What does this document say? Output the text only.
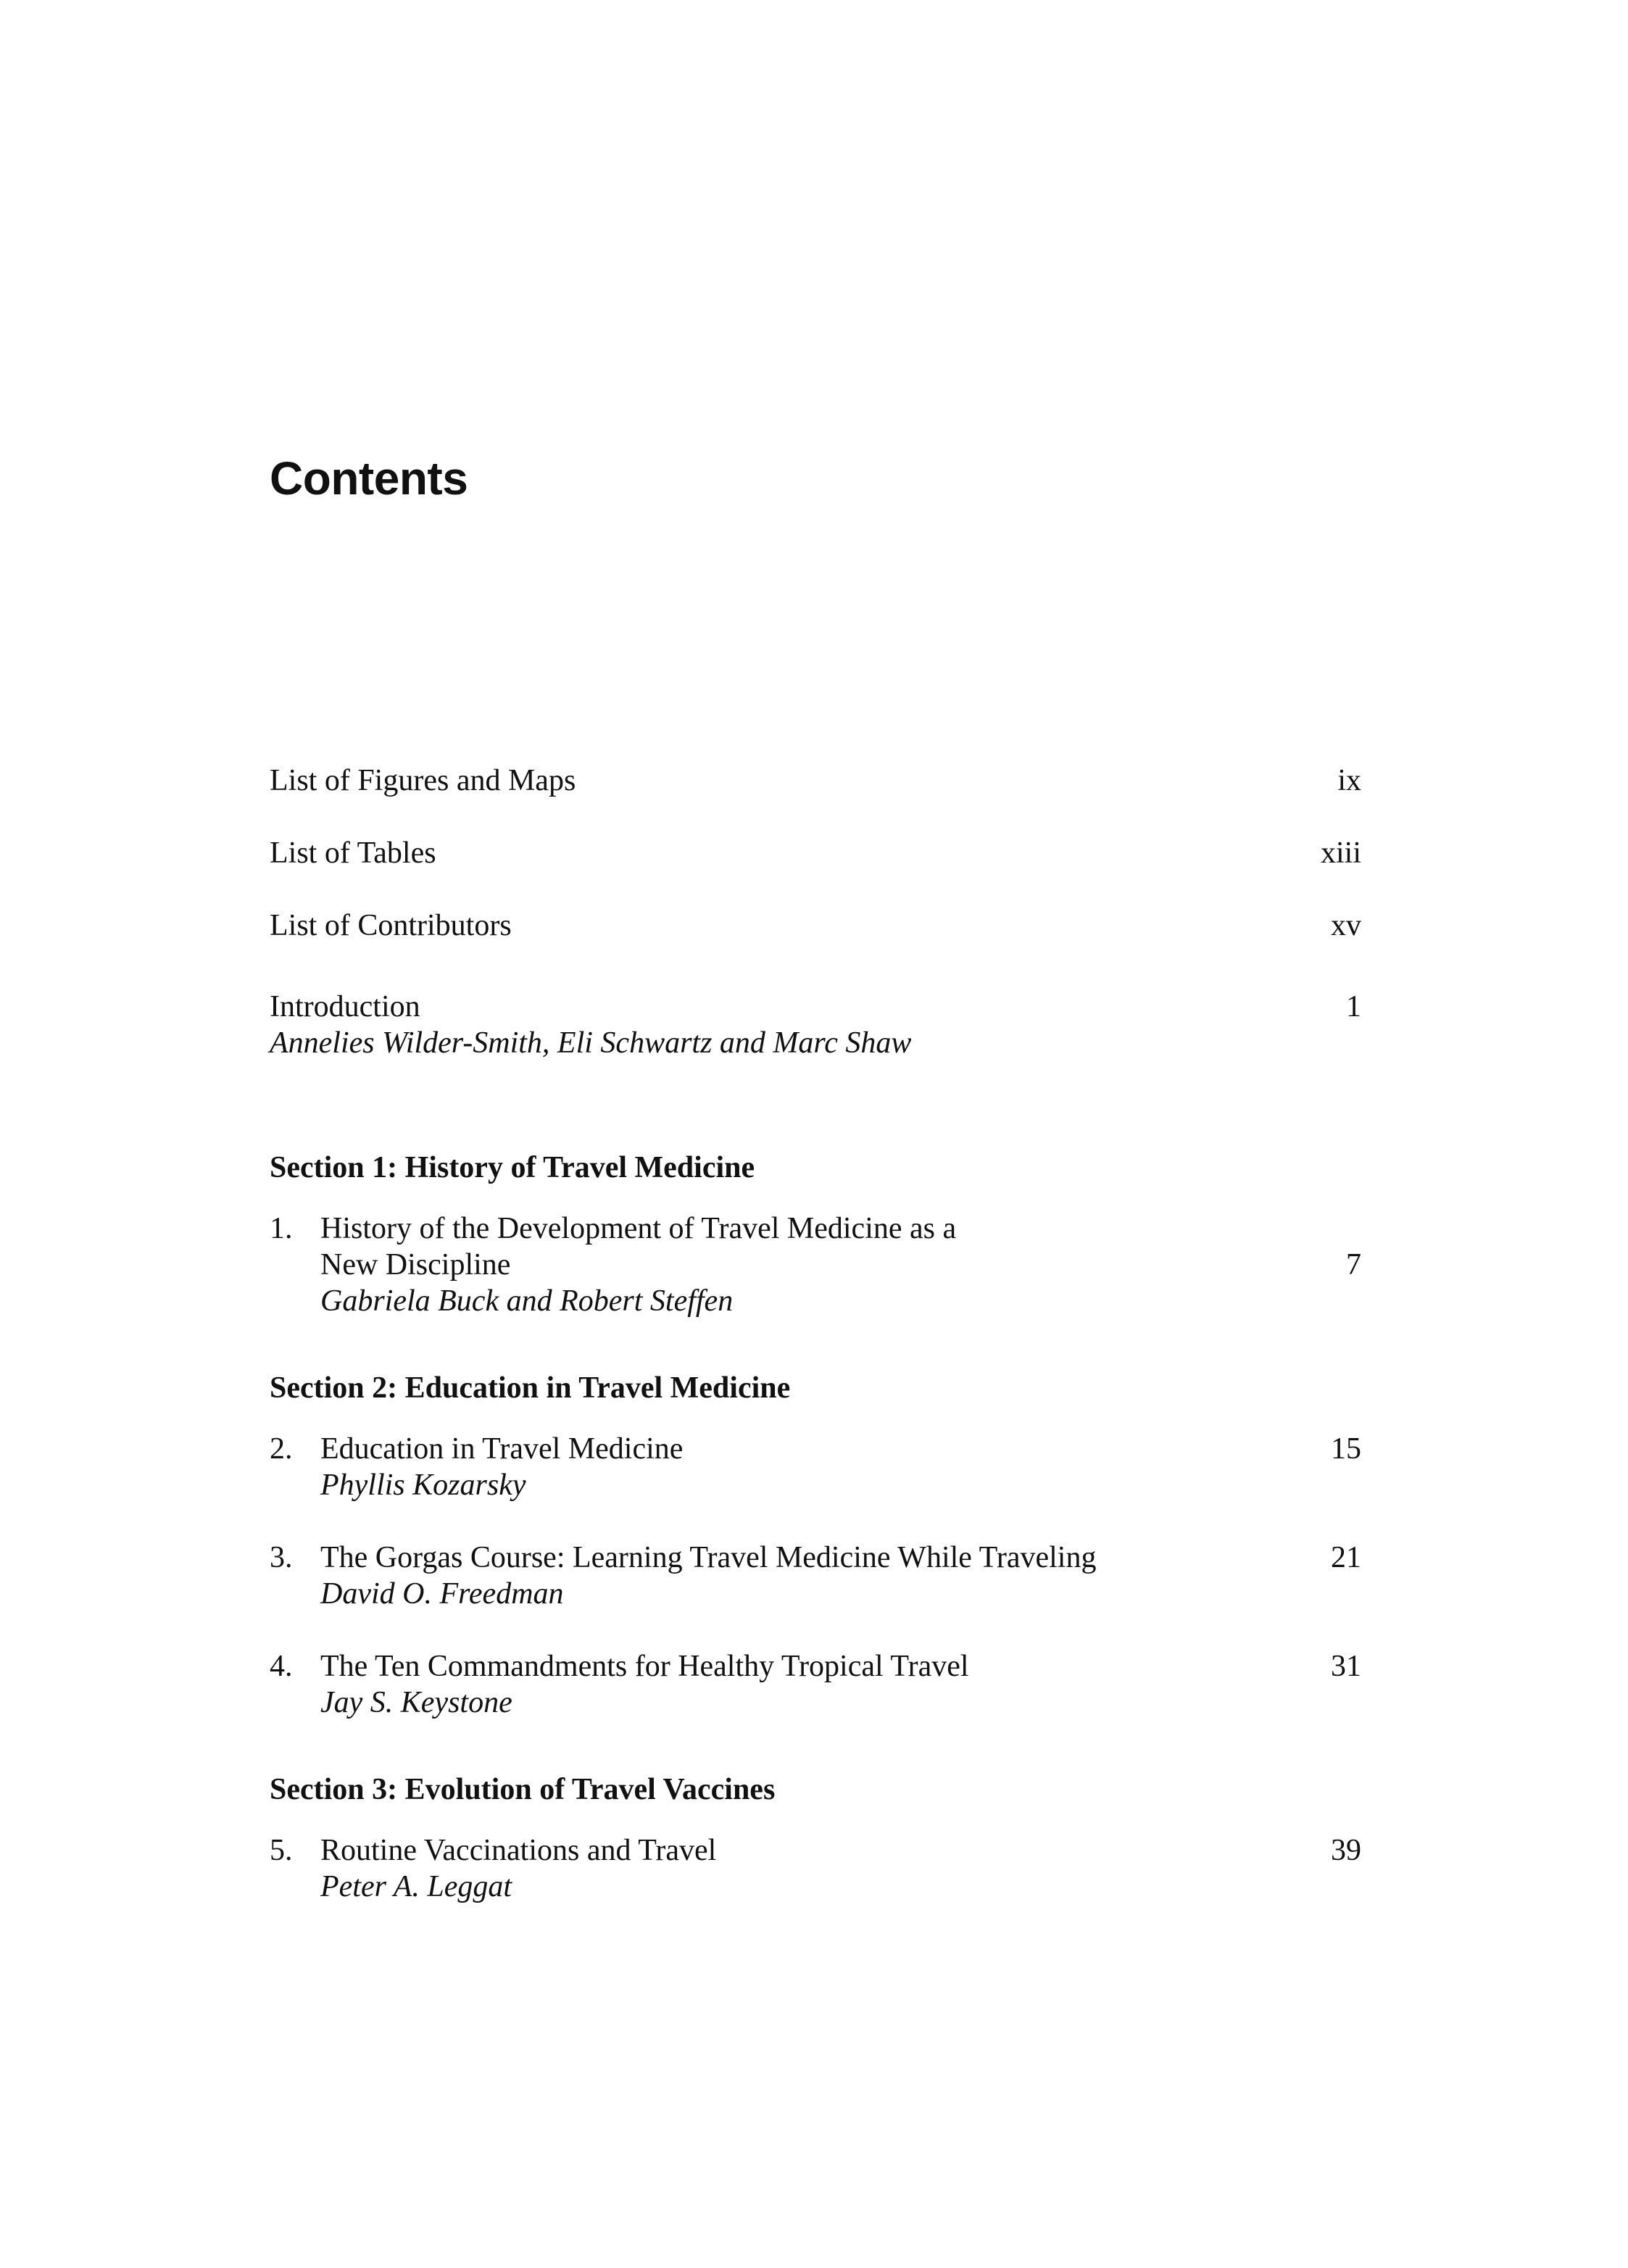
Contents
List of Figures and Maps	ix
List of Tables	xiii
List of Contributors	xv
Introduction	1
Annelies Wilder-Smith, Eli Schwartz and Marc Shaw
Section 1: History of Travel Medicine
1. History of the Development of Travel Medicine as a
New Discipline	7
Gabriela Buck and Robert Steffen
Section 2: Education in Travel Medicine
2. Education in Travel Medicine	15
Phyllis Kozarsky
3. The Gorgas Course: Learning Travel Medicine While Traveling	21
David O. Freedman
4. The Ten Commandments for Healthy Tropical Travel	31
Jay S. Keystone
Section 3: Evolution of Travel Vaccines
5. Routine Vaccinations and Travel	39
Peter A. Leggat
